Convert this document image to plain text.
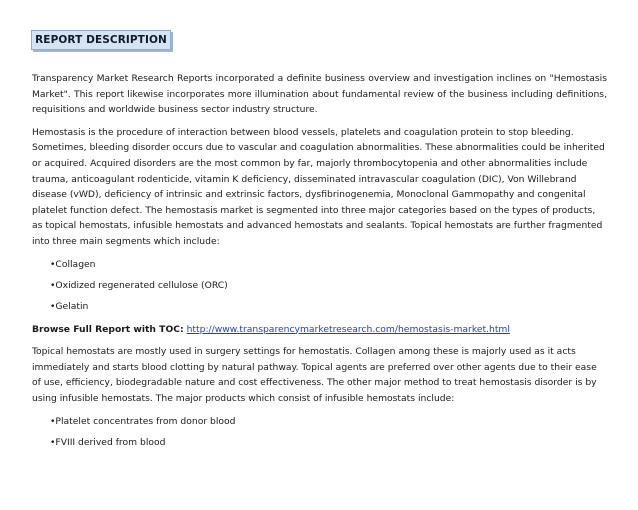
REPORT DESCRIPTION

Transparency Market Research Reports incorporated a definite business overview and investigation inclines on "Hemostasis Market". This report likewise incorporates more illumination about fundamental review of the business including definitions, requisitions and worldwide business sector industry structure.

Hemostasis is the procedure of interaction between blood vessels, platelets and coagulation protein to stop bleeding. Sometimes, bleeding disorder occurs due to vascular and coagulation abnormalities. These abnormalities could be inherited or acquired. Acquired disorders are the most common by far, majorly thrombocytopenia and other abnormalities include trauma, anticoagulant rodenticide, vitamin K deficiency, disseminated intravascular coagulation (DIC), Von Willebrand disease (vWD), deficiency of intrinsic and extrinsic factors, dysfibrinogenemia, Monoclonal Gammopathy and congenital platelet function defect. The hemostasis market is segmented into three major categories based on the types of products, as topical hemostats, infusible hemostats and advanced hemostats and sealants. Topical hemostats are further fragmented into three main segments which include:

•Collagen
•Oxidized regenerated cellulose (ORC)
•Gelatin

Browse Full Report with TOC: http://www.transparencymarketresearch.com/hemostasis-market.html

Topical hemostats are mostly used in surgery settings for hemostatis. Collagen among these is majorly used as it acts immediately and starts blood clotting by natural pathway. Topical agents are preferred over other agents due to their ease of use, efficiency, biodegradable nature and cost effectiveness. The other major method to treat hemostasis disorder is by using infusible hemostats. The major products which consist of infusible hemostats include:

•Platelet concentrates from donor blood
•FVIII derived from blood
